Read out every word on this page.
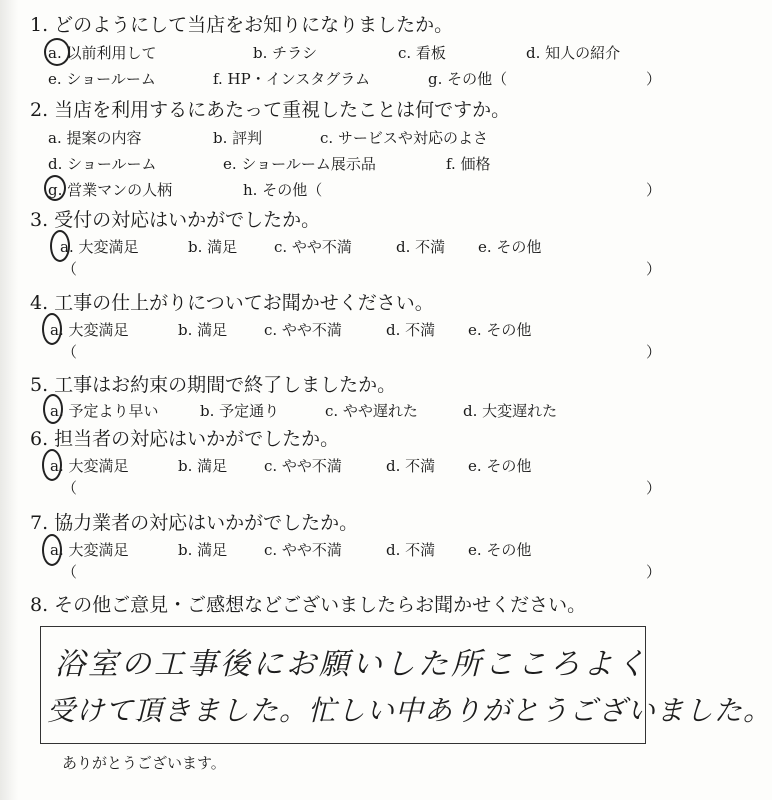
1. どのようにして当店をお知りになりましたか。
a. 以前利用して	b. チラシ	c. 看板	d. 知人の紹介
e. ショールーム	f. HP・インスタグラム	g. その他（	）
2. 当店を利用するにあたって重視したことは何ですか。
a. 提案の内容	b. 評判	c. サービスや対応のよさ
d. ショールーム	e. ショールーム展示品	f. 価格
g. 営業マンの人柄	h. その他（	）
3. 受付の対応はいかがでしたか。
a. 大変満足	b. 満足 c. やや不満	d. 不満 e. その他
（	）
4. 工事の仕上がりについてお聞かせください。
a. 大変満足	b. 満足 c. やや不満	d. 不満 e. その他
（	）
5. 工事はお約束の期間で終了しましたか。
a. 予定より早い	b. 予定通り	c. やや遅れた	d. 大変遅れた
6. 担当者の対応はいかがでしたか。
a. 大変満足	b. 満足 c. やや不満	d. 不満 e. その他
（	）
7. 協力業者の対応はいかがでしたか。
a. 大変満足	b. 満足 c. やや不満	d. 不満 e. その他
（	）
8. その他ご意見・ご感想などございましたらお聞かせください。
浴室の工事後にお願いした所こころよく
受けて頂きました。忙しい中ありがとうございました。
ありがとうございます。
